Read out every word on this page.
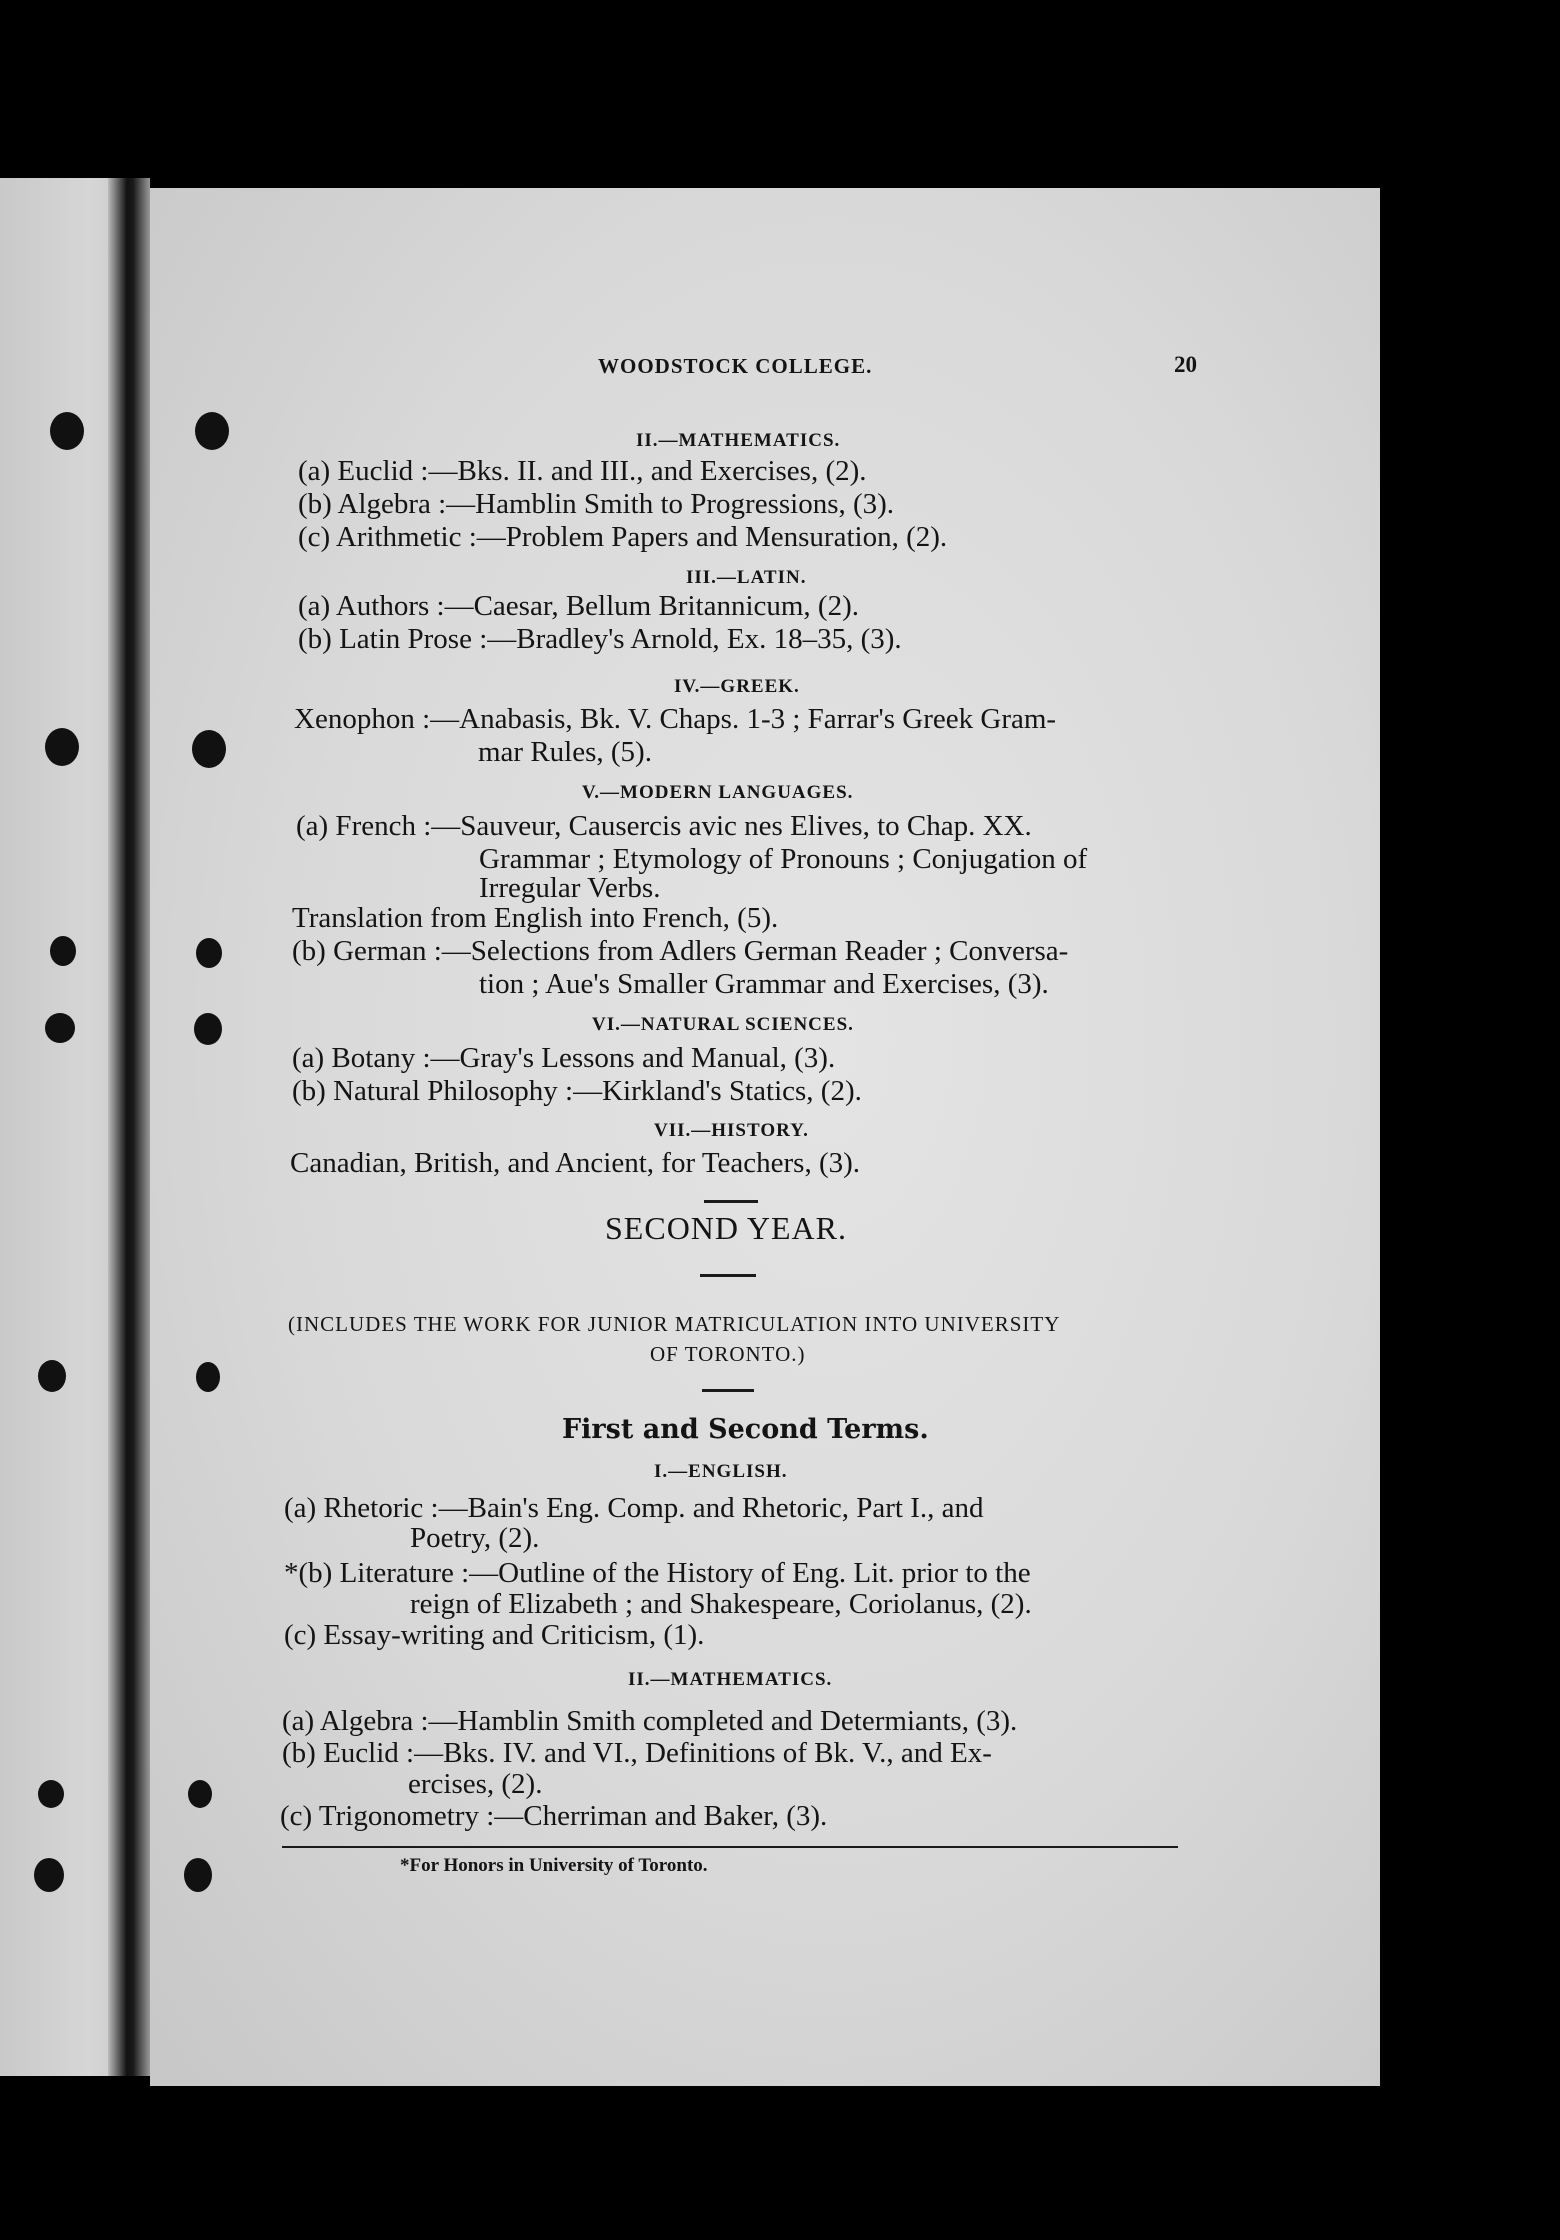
WOODSTOCK COLLEGE.	20
II.—MATHEMATICS.
(a) Euclid :—Bks. II. and III., and Exercises, (2).
(b) Algebra :—Hamblin Smith to Progressions, (3).
(c) Arithmetic :—Problem Papers and Mensuration, (2).
III.—LATIN.
(a) Authors :—Caesar, Bellum Britannicum, (2).
(b) Latin Prose :—Bradley's Arnold, Ex. 18–35, (3).
IV.—GREEK.
Xenophon :—Anabasis, Bk. V. Chaps. 1-3 ; Farrar's Greek Gram-
mar Rules, (5).
V.—MODERN LANGUAGES.
(a) French :—Sauveur, Causercis avic nes Elives, to Chap. XX.
Grammar ; Etymology of Pronouns ; Conjugation of
Irregular Verbs.
Translation from English into French, (5).
(b) German :—Selections from Adlers German Reader ; Conversa-
tion ; Aue's Smaller Grammar and Exercises, (3).
VI.—NATURAL SCIENCES.
(a) Botany :—Gray's Lessons and Manual, (3).
(b) Natural Philosophy :—Kirkland's Statics, (2).
VII.—HISTORY.
Canadian, British, and Ancient, for Teachers, (3).
SECOND YEAR.
(INCLUDES THE WORK FOR JUNIOR MATRICULATION INTO UNIVERSITY
OF TORONTO.)
First and Second Terms.
I.—ENGLISH.
(a) Rhetoric :—Bain's Eng. Comp. and Rhetoric, Part I., and
Poetry, (2).
*(b) Literature :—Outline of the History of Eng. Lit. prior to the
reign of Elizabeth ; and Shakespeare, Coriolanus, (2).
(c) Essay-writing and Criticism, (1).
II.—MATHEMATICS.
(a) Algebra :—Hamblin Smith completed and Determiants, (3).
(b) Euclid :—Bks. IV. and VI., Definitions of Bk. V., and Ex-
ercises, (2).
(c) Trigonometry :—Cherriman and Baker, (3).
*For Honors in University of Toronto.
